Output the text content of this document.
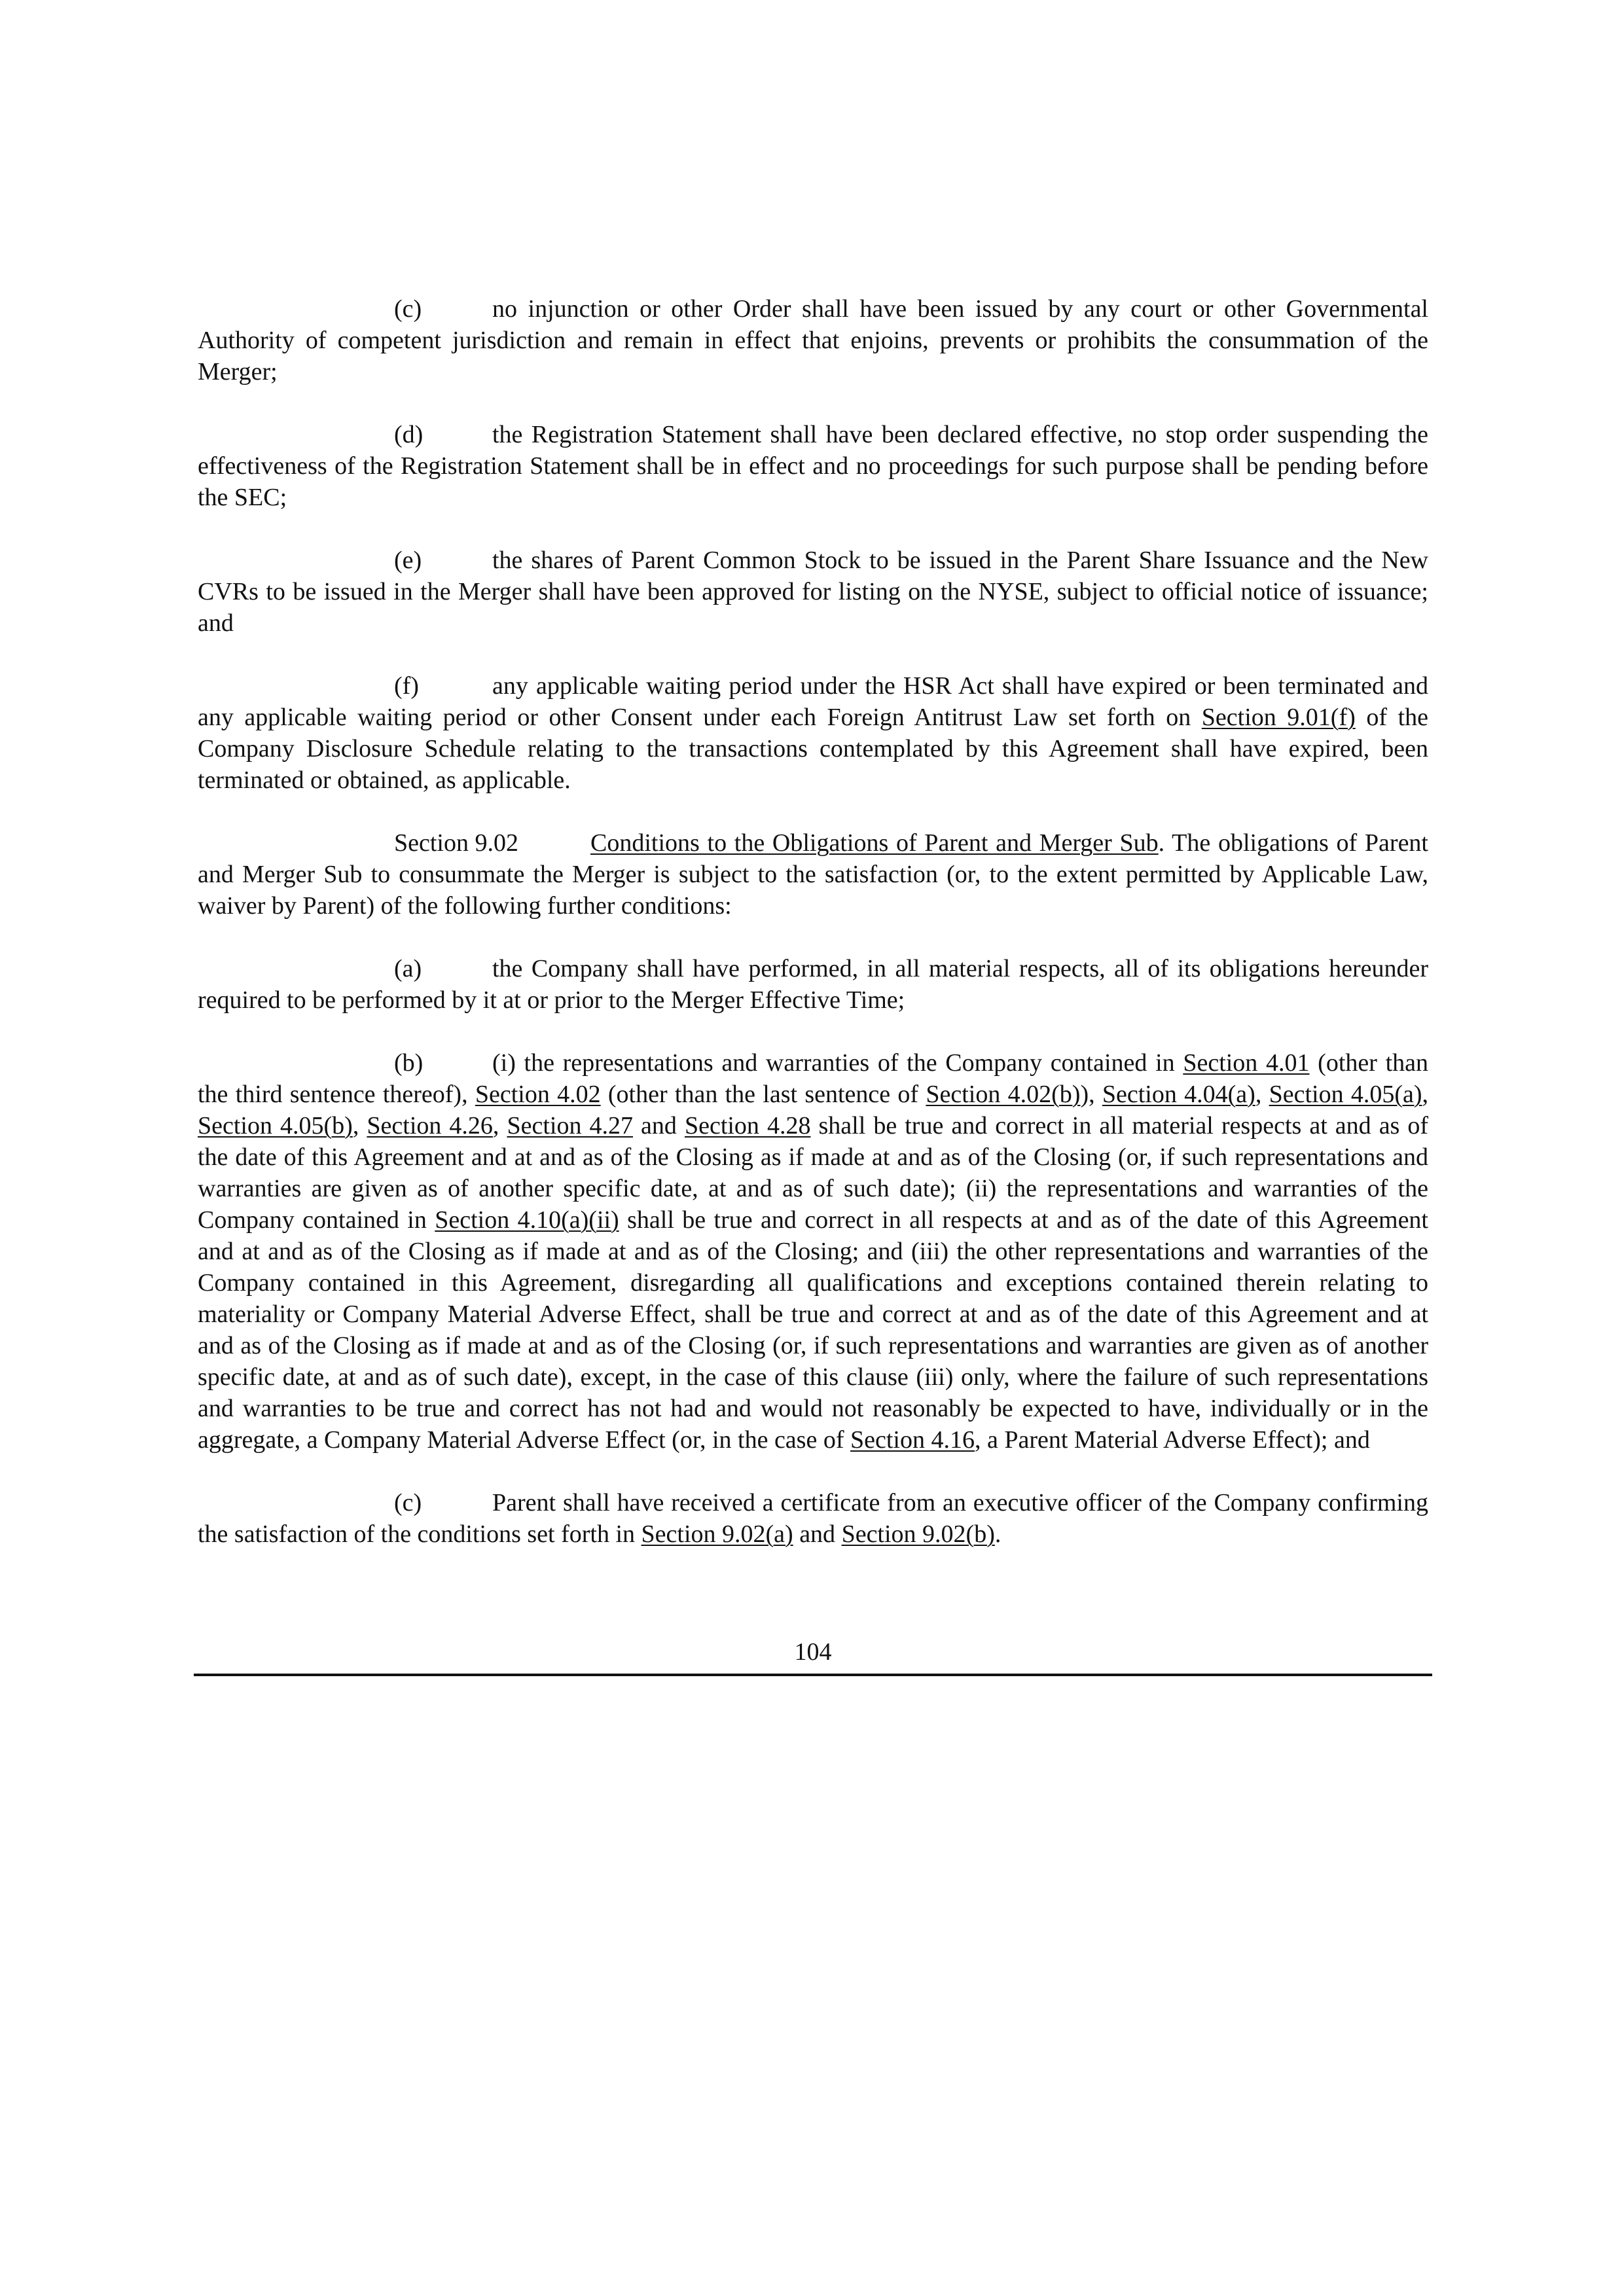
(c)	no injunction or other Order shall have been issued by any court or other Governmental Authority of competent jurisdiction and remain in effect that enjoins, prevents or prohibits the consummation of the Merger;

(d)	the Registration Statement shall have been declared effective, no stop order suspending the effectiveness of the Registration Statement shall be in effect and no proceedings for such purpose shall be pending before the SEC;

(e)	the shares of Parent Common Stock to be issued in the Parent Share Issuance and the New CVRs to be issued in the Merger shall have been approved for listing on the NYSE, subject to official notice of issuance; and

(f)	any applicable waiting period under the HSR Act shall have expired or been terminated and any applicable waiting period or other Consent under each Foreign Antitrust Law set forth on Section 9.01(f) of the Company Disclosure Schedule relating to the transactions contemplated by this Agreement shall have expired, been terminated or obtained, as applicable.

Section 9.02	Conditions to the Obligations of Parent and Merger Sub. The obligations of Parent and Merger Sub to consummate the Merger is subject to the satisfaction (or, to the extent permitted by Applicable Law, waiver by Parent) of the following further conditions:

(a)	the Company shall have performed, in all material respects, all of its obligations hereunder required to be performed by it at or prior to the Merger Effective Time;

(b)	(i) the representations and warranties of the Company contained in Section 4.01 (other than the third sentence thereof), Section 4.02 (other than the last sentence of Section 4.02(b)), Section 4.04(a), Section 4.05(a), Section 4.05(b), Section 4.26, Section 4.27 and Section 4.28 shall be true and correct in all material respects at and as of the date of this Agreement and at and as of the Closing as if made at and as of the Closing (or, if such representations and warranties are given as of another specific date, at and as of such date); (ii) the representations and warranties of the Company contained in Section 4.10(a)(ii) shall be true and correct in all respects at and as of the date of this Agreement and at and as of the Closing as if made at and as of the Closing; and (iii) the other representations and warranties of the Company contained in this Agreement, disregarding all qualifications and exceptions contained therein relating to materiality or Company Material Adverse Effect, shall be true and correct at and as of the date of this Agreement and at and as of the Closing as if made at and as of the Closing (or, if such representations and warranties are given as of another specific date, at and as of such date), except, in the case of this clause (iii) only, where the failure of such representations and warranties to be true and correct has not had and would not reasonably be expected to have, individually or in the aggregate, a Company Material Adverse Effect (or, in the case of Section 4.16, a Parent Material Adverse Effect); and

(c)	Parent shall have received a certificate from an executive officer of the Company confirming the satisfaction of the conditions set forth in Section 9.02(a) and Section 9.02(b).

104
